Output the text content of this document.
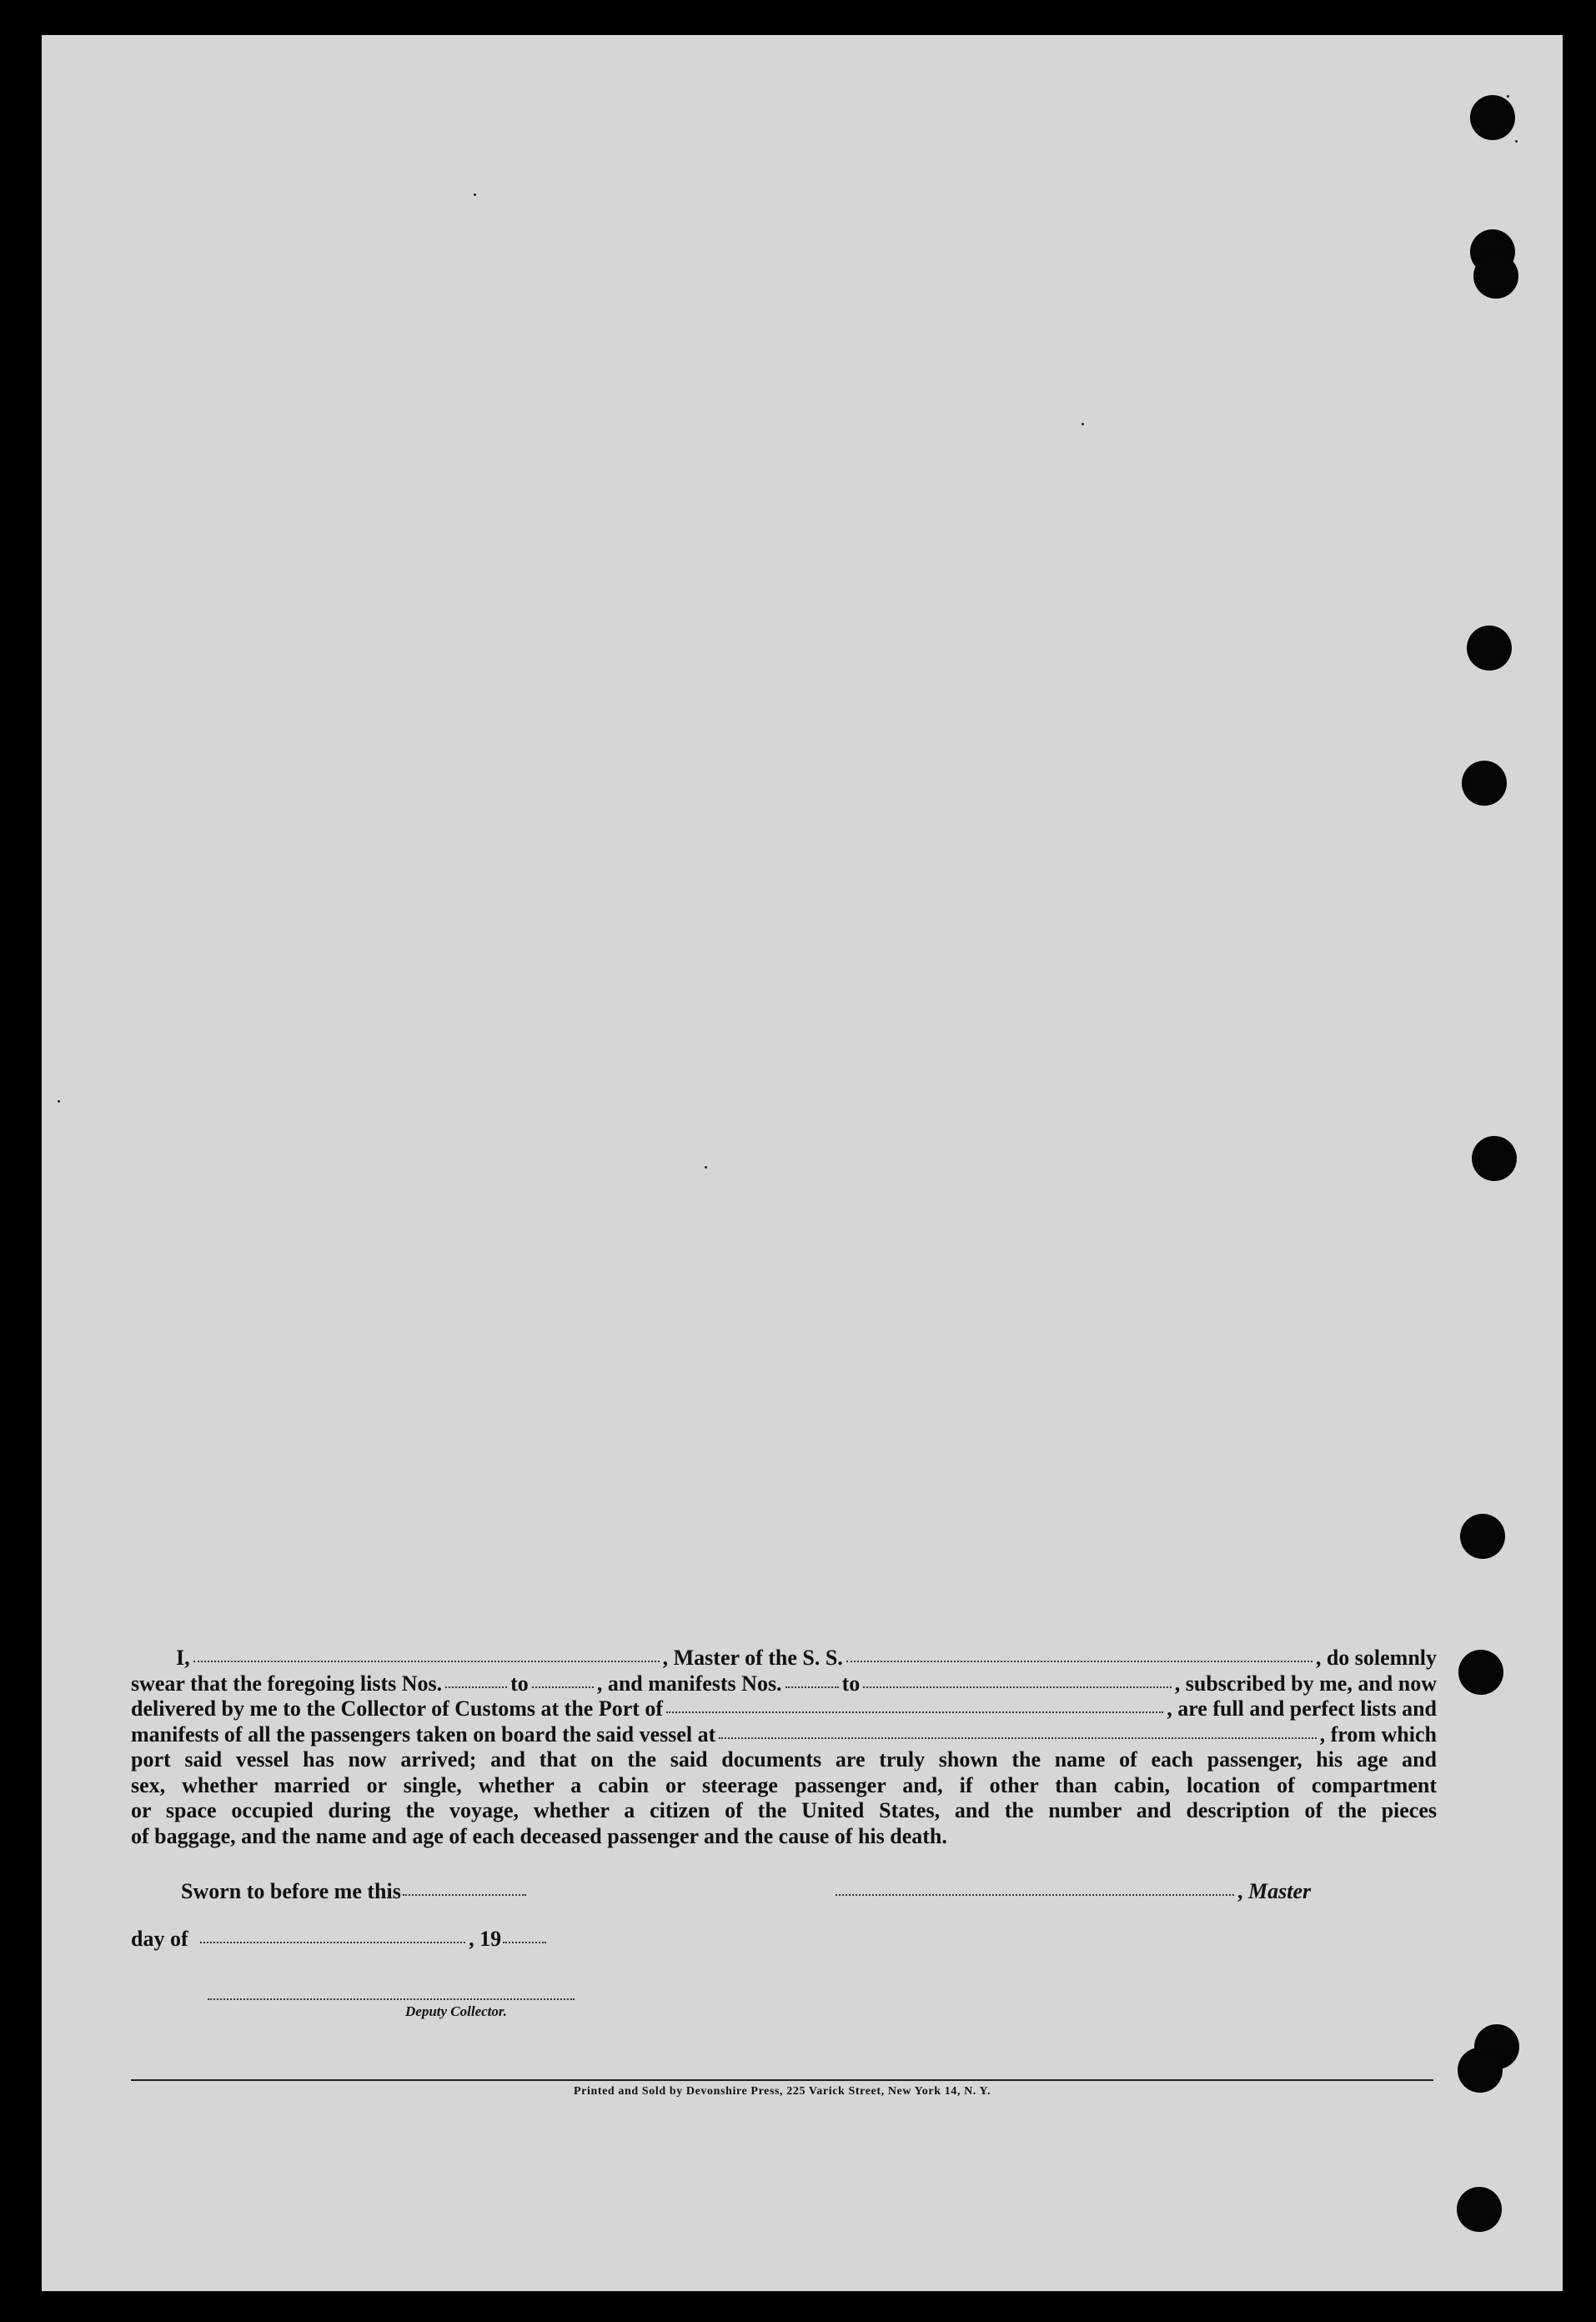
I,	, Master of the S. S.	, do solemnly
swear that the foregoing lists Nos.	to	, and manifests Nos.	to	, subscribed by me, and now
delivered by me to the Collector of Customs at the Port of	, are full and perfect lists and
manifests of all the passengers taken on board the said vessel at	, from which
port said vessel has now arrived; and that on the said documents are truly shown the name of each passenger, his age and
sex, whether married or single, whether a cabin or steerage passenger and, if other than cabin, location of compartment
or space occupied during the voyage, whether a citizen of the United States, and the number and description of the pieces
of baggage, and the name and age of each deceased passenger and the cause of his death.
Sworn to before me this	, Master
day of	, 19
Deputy Collector.
Printed and Sold by Devonshire Press, 225 Varick Street, New York 14, N. Y.
